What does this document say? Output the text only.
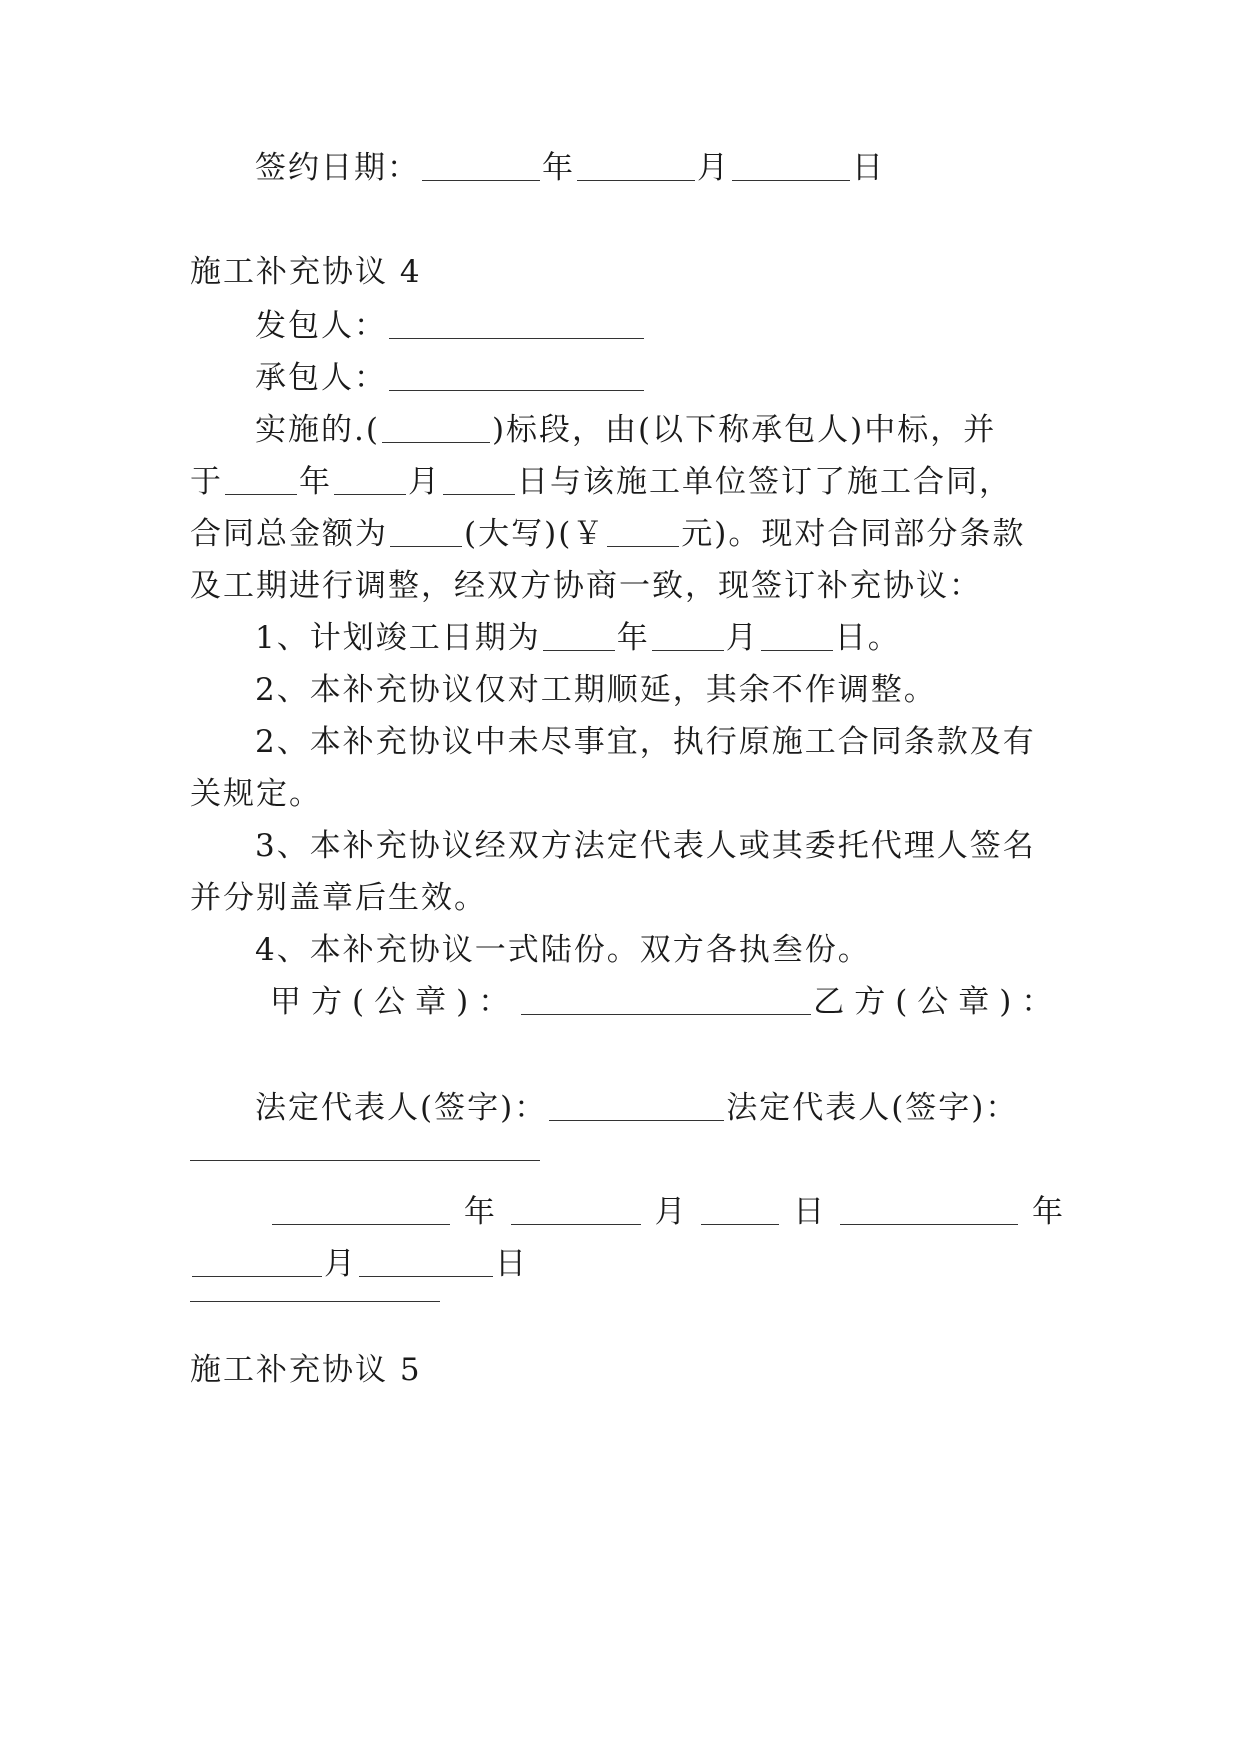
签约日期：	年	月	日
施工补充协议 4
发包人：
承包人：
实施的.(	)标段，由(以下称承包人)中标，并
于 年 月 日与该施工单位签订了施工合同，
合同总金额为 (大写)(￥ 元)。现对合同部分条款
及工期进行调整，经双方协商一致，现签订补充协议：
1、计划竣工日期为 年 月 日。
2、本补充协议仅对工期顺延，其余不作调整。
2、本补充协议中未尽事宜，执行原施工合同条款及有
关规定。
3、本补充协议经双方法定代表人或其委托代理人签名
并分别盖章后生效。
4、本补充协议一式陆份。双方各执叁份。
甲方(公章)：	乙方(公章)：
法定代表人(签字)：	法定代表人(签字)：
年	月	日	年
月	日
施工补充协议 5
